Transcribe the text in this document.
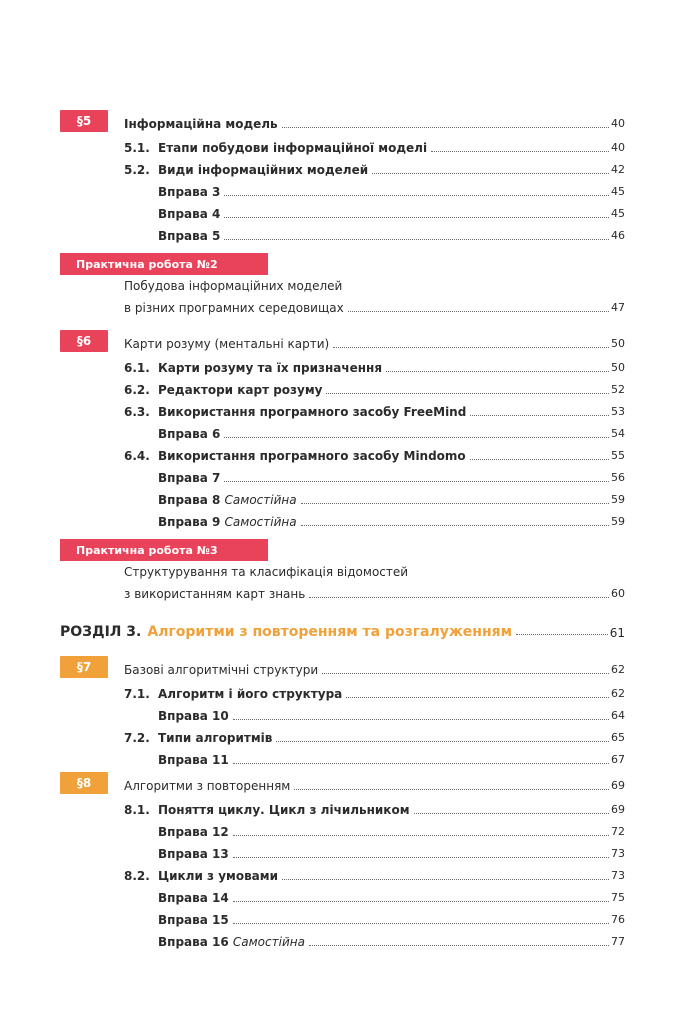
§5	Інформаційна модель	40
5.1. Етапи побудови інформаційної моделі	40
5.2. Види інформаційних моделей	42
Вправа 3	45
Вправа 4	45
Вправа 5	46
Практична робота №2
Побудова інформаційних моделей
в різних програмних середовищах	47
§6	Карти розуму (ментальні карти)	50
6.1. Карти розуму та їх призначення	50
6.2. Редактори карт розуму	52
6.3. Використання програмного засобу FreeMind	53
Вправа 6	54
6.4. Використання програмного засобу Mindomo	55
Вправа 7	56
Вправа 8 Самостійна	59
Вправа 9 Самостійна	59
Практична робота №3
Структурування та класифікація відомостей
з використанням карт знань	60
РОЗДІЛ 3. Алгоритми з повторенням та розгалуженням	61
§7	Базові алгоритмічні структури	62
7.1. Алгоритм і його структура	62
Вправа 10	64
7.2. Типи алгоритмів	65
Вправа 11	67
§8	Алгоритми з повторенням	69
8.1. Поняття циклу. Цикл з лічильником	69
Вправа 12	72
Вправа 13	73
8.2. Цикли з умовами	73
Вправа 14	75
Вправа 15	76
Вправа 16 Самостійна	77
